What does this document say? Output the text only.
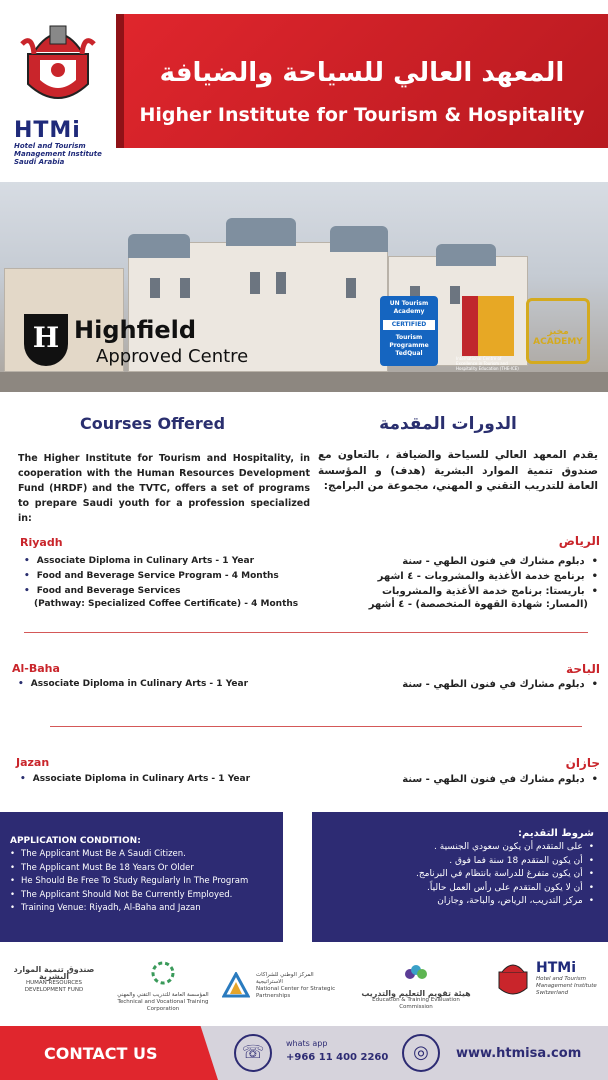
HTMi
Hotel and Tourism Management Institute Saudi Arabia
المعهد العالي للسياحة والضيافة
Higher Institute for Tourism & Hospitality
H Highfield
Approved Centre
UN Tourism
Academy
CERTIFIED
Tourism Programme
TedQual
International Centre of Excellence in Tourism and Hospitality Education (THE-ICE)
مخبز ACADEMY
Courses Offered	الدورات المقدمة
The Higher Institute for Tourism and Hospitality, in cooperation with the Human Resources Development Fund (HRDF) and the TVTC, offers a set of programs to prepare Saudi youth for a profession specialized in:
يقدم المعهد العالي للسياحة والضيافة ، بالتعاون مع صندوق تنمية الموارد البشرية (هدف) و المؤسسة العامة للتدريب التقني و المهني، مجموعة من البرامج:
Riyadh	الرياض
• Associate Diploma in Culinary Arts - 1 Year
• Food and Beverage Service Program - 4 Months
• Food and Beverage Services
(Pathway: Specialized Coffee Certificate) - 4 Months
• دبلوم مشارك في فنون الطهي - سنة
• برنامج خدمة الأغذية والمشروبات - ٤ اشهر
• باريستا: برنامج خدمة الأغذية والمشروبات
(المسار: شهادة القهوة المتخصصة) - ٤ أشهر
Al-Baha	الباحة
• Associate Diploma in Culinary Arts - 1 Year	• دبلوم مشارك في فنون الطهي - سنة
Jazan	جازان
• Associate Diploma in Culinary Arts - 1 Year	• دبلوم مشارك في فنون الطهي - سنة
APPLICATION CONDITION:
• The Applicant Must Be A Saudi Citizen.
• The Applicant Must Be 18 Years Or Older
• He Should Be Free To Study Regularly In The Program
• The Applicant Should Not Be Currently Employed.
• Training Venue: Riyadh, Al-Baha and Jazan
شروط التقديم:
• على المتقدم أن يكون سعودي الجنسية .
• أن يكون المتقدم 18 سنة فما فوق .
• أن يكون متفرغ للدراسة بانتظام في البرنامج.
• أن لا يكون المتقدم على رأس العمل حالياً.
• مركز التدريب، الرياض، والباحة، وجازان
صندوق تنمية الموارد البشرية
HUMAN RESOURCES DEVELOPMENT FUND
المؤسسة العامة للتدريب التقني والمهني
Technical and Vocational Training Corporation
المركز الوطني للشراكات الاستراتيجية
National Center for Strategic Partnerships	هيئة تقويم التعليم والتدريب
Education & Training Evaluation Commission
HTMi
Hotel and Tourism Management Institute Switzerland
CONTACT US	☏	whats app
+966 11 400 2260	◎	www.htmisa.com
